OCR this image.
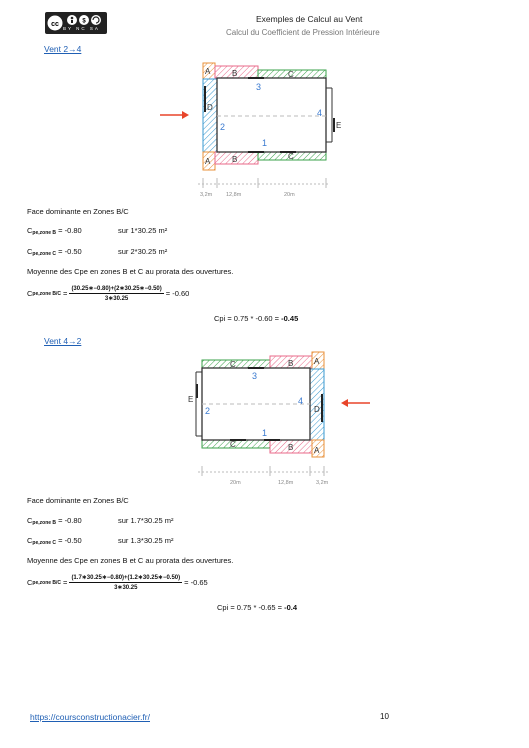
cc	$
BY NC SA
Exemples de Calcul au Vent
Calcul du Coefficient de Pression Intérieure
Vent 2→4
A	B	C
D
E
A	B	C
1
2
3
4
3,2m	12,8m	20m
Face dominante en Zones B/C
$C_{pe,zone B} = -0.80$	sur 1*30.25 m²
$C_{pe,zone C} = -0.50$	sur 2*30.25 m²
Moyenne des Cpe en zones B et C au prorata des ouvertures.
C pe,zone $B/C = \frac{(30.25∗-0.80)+(2∗30.25∗-0.50)}{3∗30.25} = -0.60$
Cpi = 0.75 * -0.60 = -0.45
Vent 4→2
C	B	A
D
E
C	B	A
1
2
3
4
20m	12,8m	3,2m
Face dominante en Zones B/C
$C_{pe,zone B} = -0.80$	sur 1.7*30.25 m²
$C_{pe,zone C} = -0.50$	sur 1.3*30.25 m²
Moyenne des Cpe en zones B et C au prorata des ouvertures.
C pe,zone $B/C = \frac{(1.7∗30.25∗-0.80)+(1.2∗30.25∗-0.50)}{3∗30.25} = -0.65$
Cpi = 0.75 * -0.65 = -0.4
https://coursconstructionacier.fr/	10
